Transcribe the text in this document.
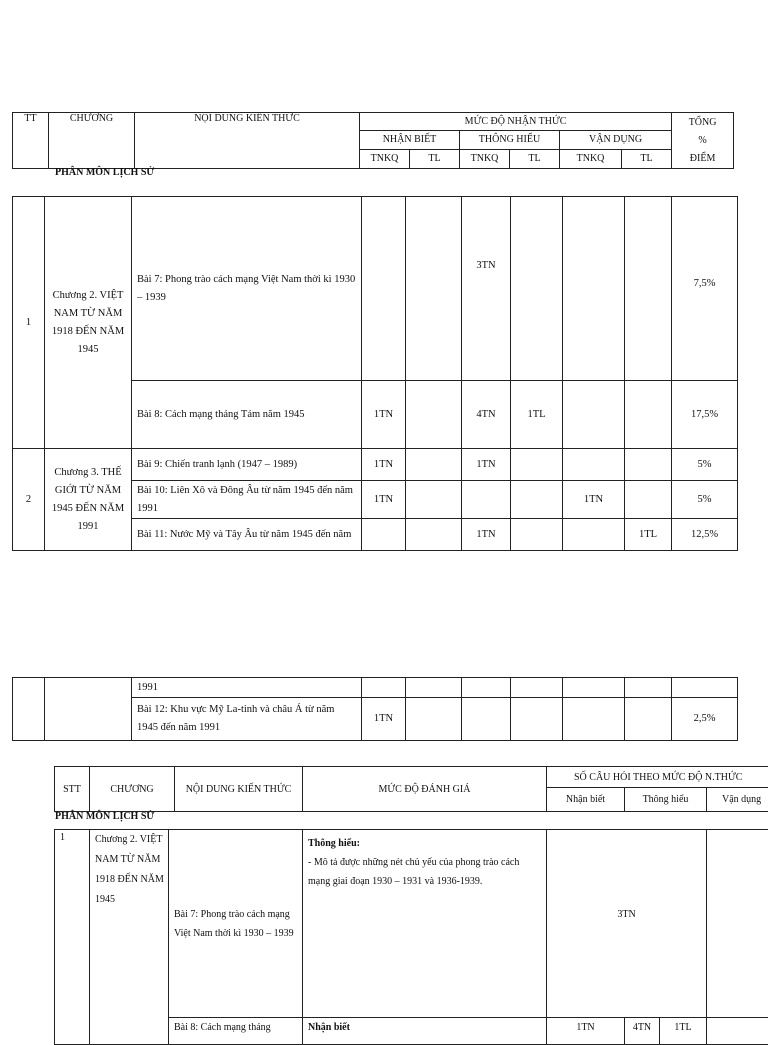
TT	CHƯƠNG	NỘI DUNG KIẾN THỨC	MỨC ĐỘ NHẬN THỨC						TỔNG
%
ĐIỂM
			NHẬN BIẾT		THÔNG HIỂU		VẬN DỤNG		
			TNKQ	TL	TNKQ	TL	TNKQ	TL	
PHÂN MÔN LỊCH SỬ
1	Chương 2. VIỆT NAM TỪ NĂM 1918 ĐẾN NĂM 1945	Bài 7: Phong trào cách mạng Việt Nam thời kì 1930 – 1939			3TN				7,5%
		Bài 8: Cách mạng tháng Tám năm 1945	1TN		4TN	1TL			17,5%
2	Chương 3. THẾ GIỚI TỪ NĂM 1945 ĐẾN NĂM 1991	Bài 9: Chiến tranh lạnh (1947 – 1989)	1TN		1TN				5%
		Bài 10: Liên Xô và Đông Âu từ năm 1945 đến năm 1991	1TN				1TN		5%
		Bài 11: Nước Mỹ và Tây Âu từ năm 1945 đến năm			1TN			1TL	12,5%
		1991							
		Bài 12: Khu vực Mỹ La-tinh và châu Á từ năm 1945 đến năm 1991	1TN						2,5%
STT	CHƯƠNG	NỘI DUNG KIẾN THỨC	MỨC ĐỘ ĐÁNH GIÁ	SỐ CÂU HỎI THEO MỨC ĐỘ N.THỨC		
				Nhận biết	Thông hiểu	Vận dụng
PHÂN MÔN LỊCH SỬ
1	Chương 2. VIỆT NAM TỪ NĂM 1918 ĐẾN NĂM 1945	Bài 7: Phong trào cách mạng Việt Nam thời kì 1930 – 1939	Thông hiểu:
- Mô tả được những nét chủ yếu của phong trào cách mạng giai đoạn 1930 – 1931 và 1936-1939.	3TN			
		Bài 8: Cách mạng tháng	Nhận biết	1TN	4TN	1TL	
